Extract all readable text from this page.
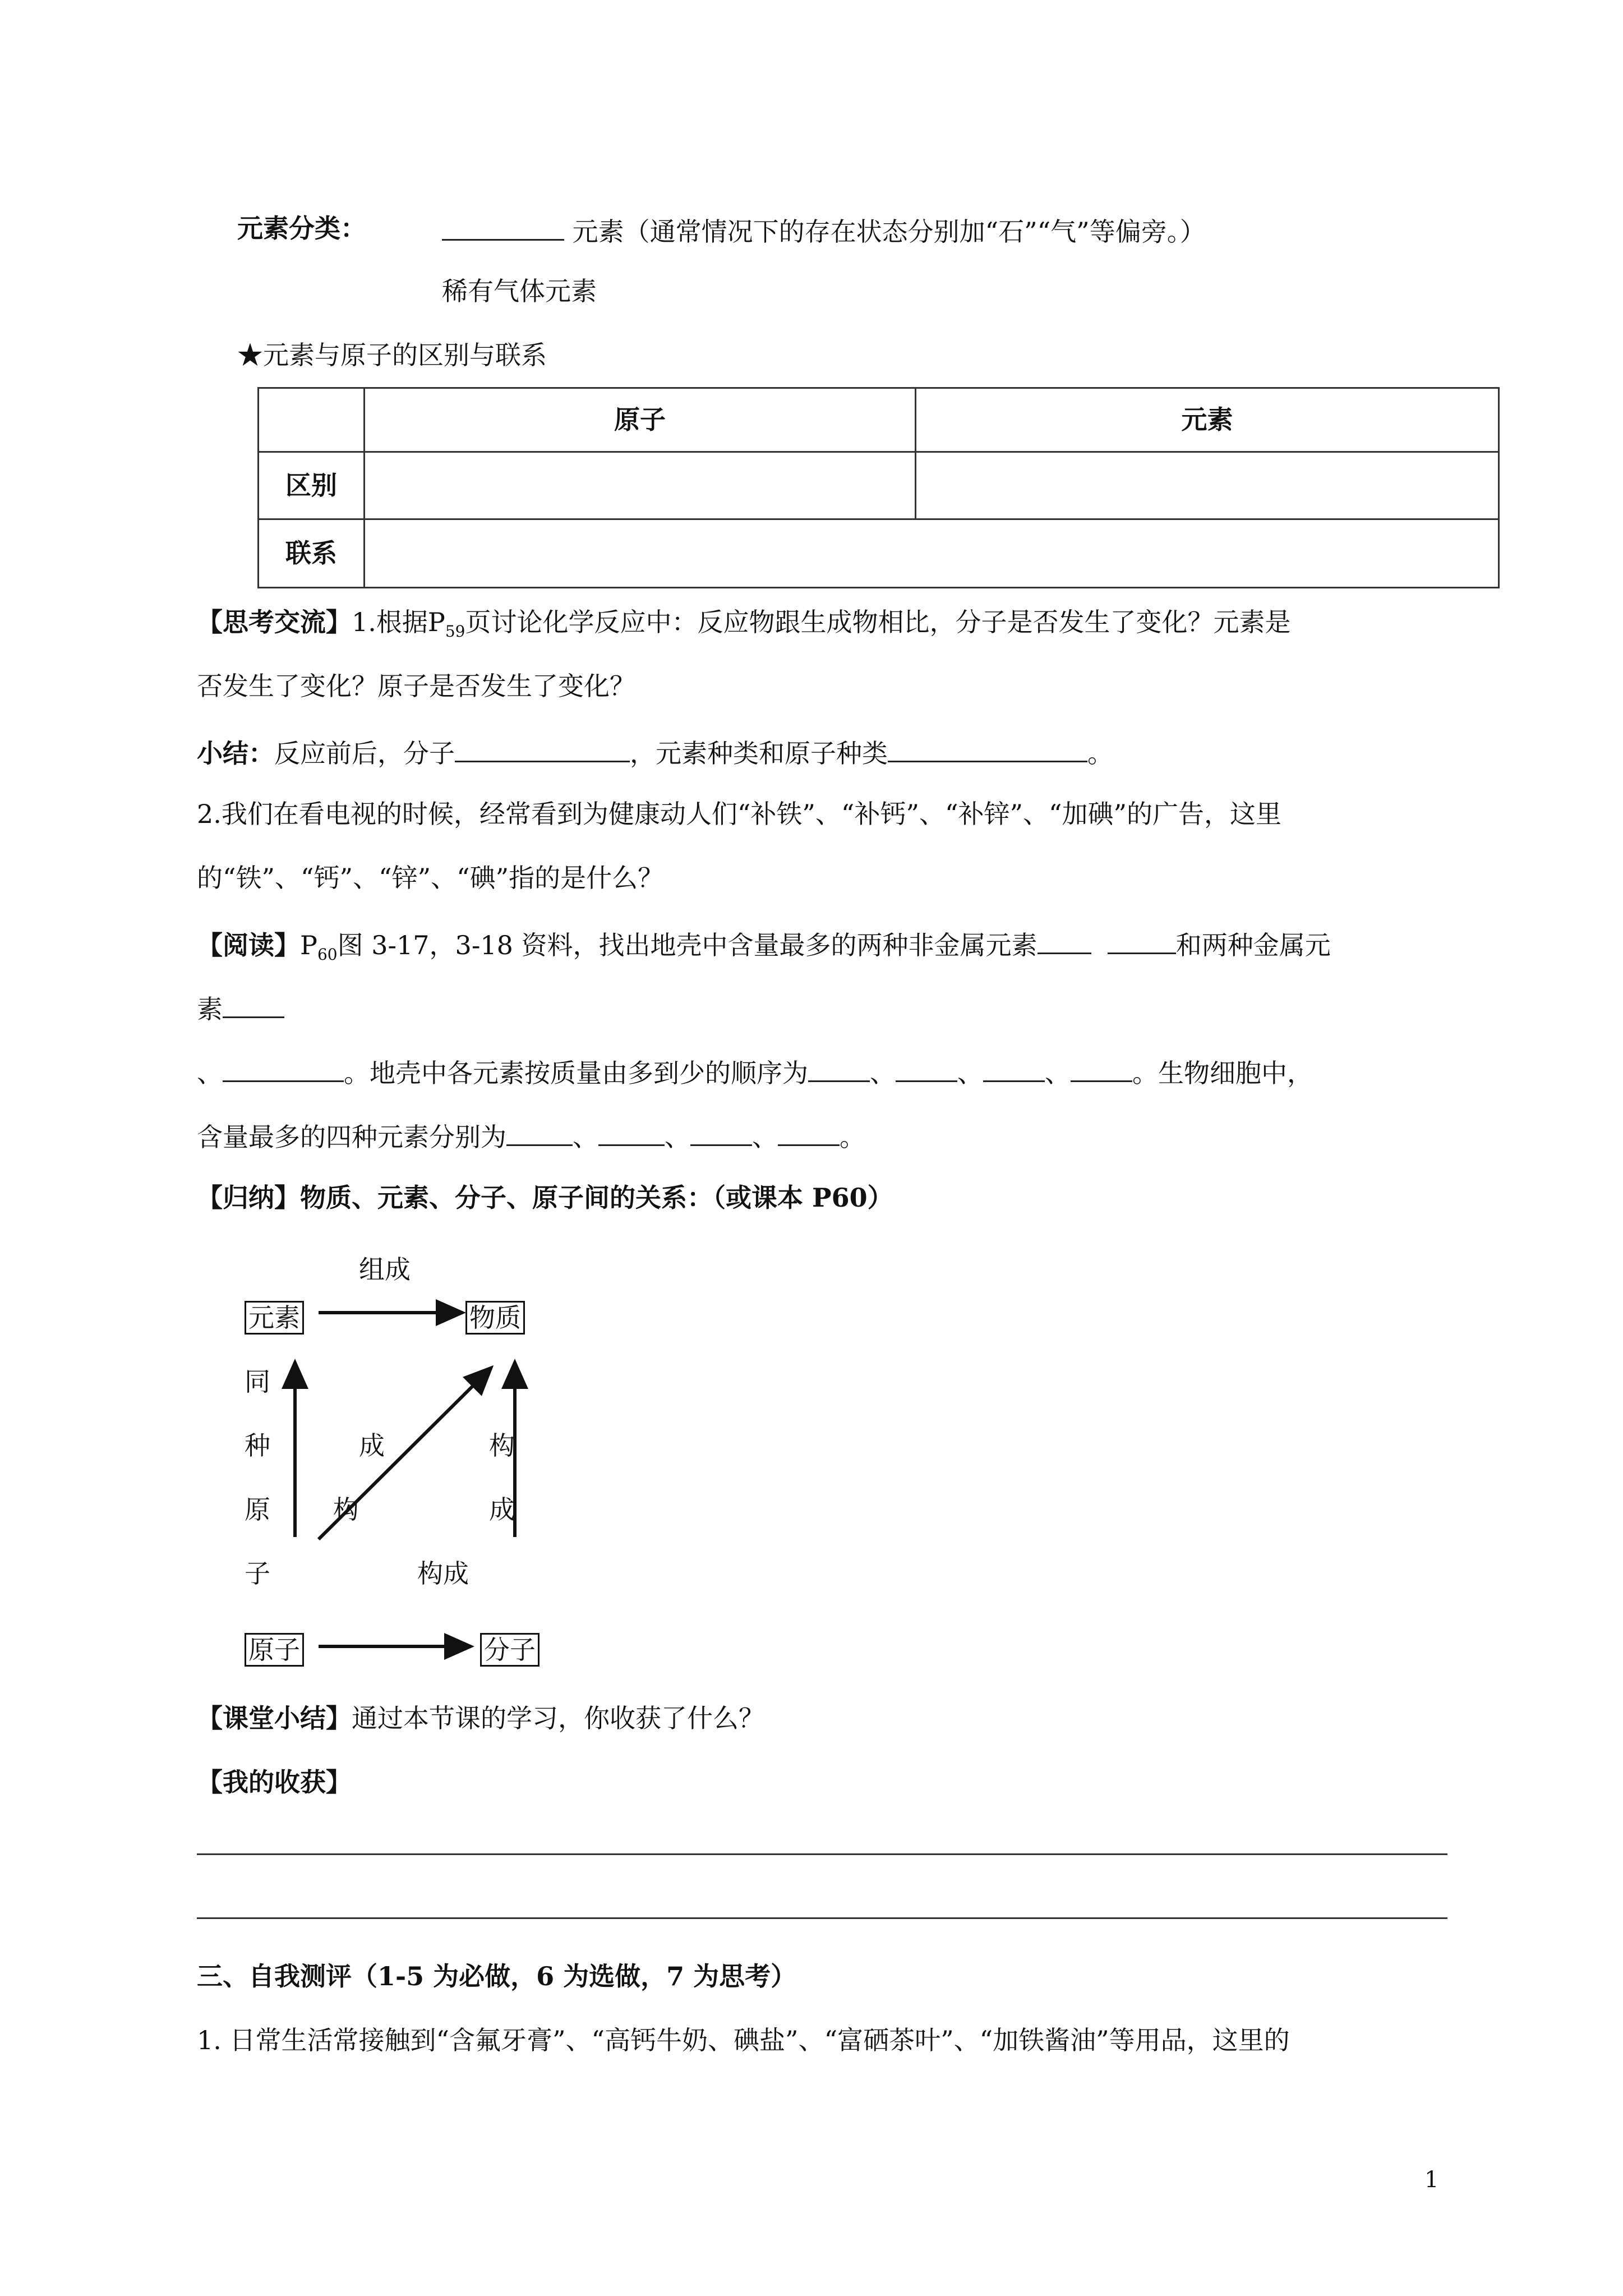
元素分类：	元素（通常情况下的存在状态分别加“石”“气”等偏旁。）
稀有气体元素
★元素与原子的区别与联系
	原子	元素
区别		
联系		
【思考交流】1.根据$P_{59}$页讨论化学反应中：反应物跟生成物相比，分子是否发生了变化？元素是
否发生了变化？原子是否发生了变化？
小结：反应前后，分子	，元素种类和原子种类	。
2.我们在看电视的时候，经常看到为健康动人们“补铁”、“补钙”、“补锌”、“加碘”的广告，这里
的“铁”、“钙”、“锌”、“碘”指的是什么？
【阅读】$P_{60}$图 3-17，3-18 资料，找出地壳中含量最多的两种非金属元素	和两种金属元
素
、	。地壳中各元素按质量由多到少的顺序为 、 、 、 。生物细胞中，
含量最多的四种元素分别为	、	、 、 。
【归纳】物质、元素、分子、原子间的关系：（或课本 P60）
组成
元素	物质
同
种
原
子
成
构
构
成
构成
原子	分子
【课堂小结】通过本节课的学习，你收获了什么？
【我的收获】
三、自我测评（1-5 为必做，6 为选做，7 为思考）
1. 日常生活常接触到“含氟牙膏”、“高钙牛奶、碘盐”、“富硒茶叶”、“加铁酱油”等用品，这里的
1
